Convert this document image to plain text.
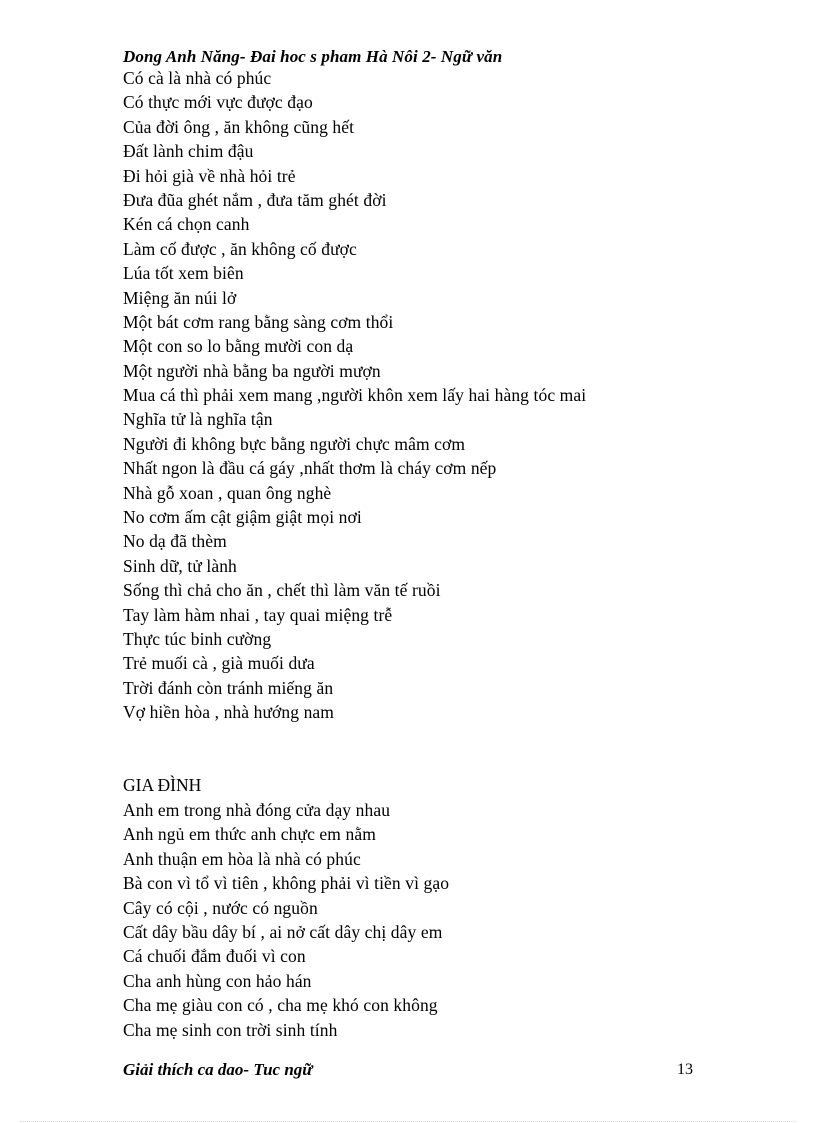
Dong Anh Năng- Đai hoc s pham Hà Nôi 2- Ngữ văn
Có cà là nhà có phúc
Có thực mới vực được đạo
Của đời ông , ăn không cũng hết
Đất lành chim đậu
Đi hỏi già về nhà hỏi trẻ
Đưa đũa ghét nắm , đưa tăm ghét đời
Kén cá chọn canh
Làm cố được , ăn không cố được
Lúa tốt xem biên
Miệng ăn núi lở
Một bát cơm rang bằng sàng cơm thổi
Một con so lo bằng mười con dạ
Một người nhà bằng ba người mượn
Mua cá thì phải xem mang ,người khôn xem lấy hai hàng tóc mai
Nghĩa tử là nghĩa tận
Người đi không bực bằng người chực mâm cơm
Nhất ngon là đầu cá gáy ,nhất thơm là cháy cơm nếp
Nhà gỗ xoan , quan ông nghè
No cơm ấm cật giậm giật mọi nơi
No dạ đã thèm
Sinh dữ, tử lành
Sống thì chả cho ăn , chết thì làm văn tế ruồi
Tay làm hàm nhai , tay quai miệng trễ
Thực túc binh cường
Trẻ muối cà , già muối dưa
Trời đánh còn tránh miếng ăn
Vợ hiền hòa , nhà hướng nam
GIA ĐÌNH
Anh em trong nhà đóng cửa dạy nhau
Anh ngủ em thức anh chực em nằm
Anh thuận em hòa là nhà có phúc
Bà con vì tổ vì tiên , không phải vì tiền vì gạo
Cây có cội , nước có nguồn
Cất dây bầu dây bí , ai nở cất dây chị dây em
Cá chuối đắm đuối vì con
Cha anh hùng con hảo hán
Cha mẹ giàu con có , cha mẹ khó con không
Cha mẹ sinh con trời sinh tính
Giải thích ca dao- Tuc ngữ	13
